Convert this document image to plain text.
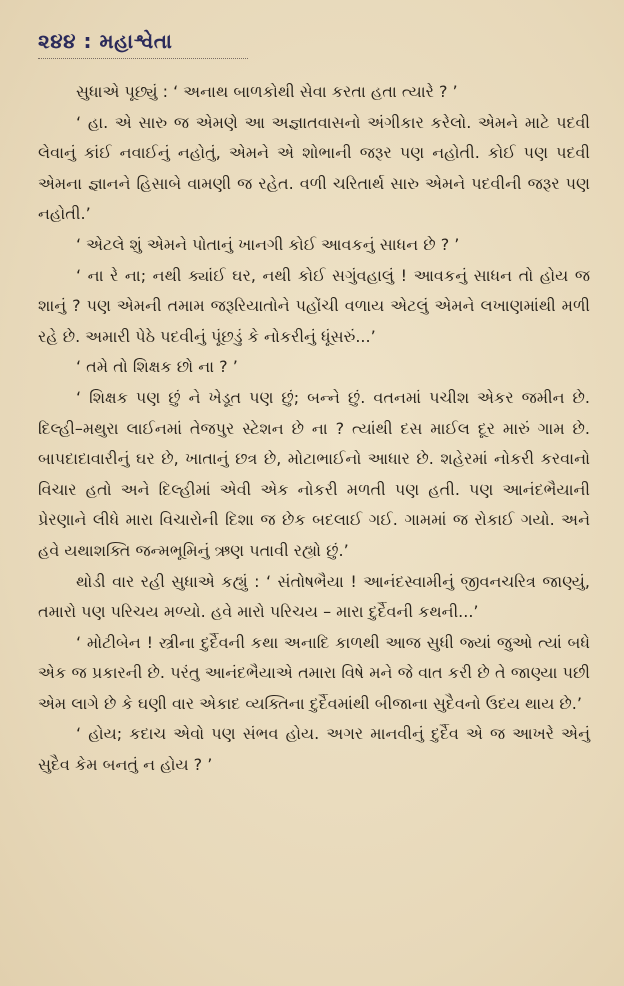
૨૪૪ : મહાશ્વેતા

સુધાએ પૂછ્યું : ‘ અનાથ બાળકોથી સેવા કરતા હતા ત્યારે ? ’

‘ હા. એ સારુ જ એમણે આ અજ્ઞાતવાસનો અંગીકાર કરેલો. એમને માટે પદવી લેવાનું કાંઈ નવાઈનું નહોતું, એમને એ શોભાની જરૂર પણ નહોતી. કોઈ પણ પદવી એમના જ્ઞાનને હિસાબે વામણી જ રહેત. વળી ચરિતાર્થ સારુ એમને પદવીની જરૂર પણ નહોતી.’

‘ એટલે શું એમને પોતાનું ખાનગી કોઈ આવકનું સાધન છે ? ’

‘ ના રે ના; નથી ક્યાંઈ ઘર, નથી કોઈ સગુંવહાલું ! આવકનું સાધન તો હોય જ શાનું ? પણ એમની તમામ જરૂરિયાતોને પહોંચી વળાય એટલું એમને લખાણમાંથી મળી રહે છે. અમારી પેઠે પદવીનું પૂંછડું કે નોકરીનું ધૂંસરું...’

‘ તમે તો શિક્ષક છો ના ? ’

‘ શિક્ષક પણ છું ને ખેડૂત પણ છું; બન્ને છું. વતનમાં પચીશ એકર જમીન છે. દિલ્હી–મથુરા લાઈનમાં તેજપુર સ્ટેશન છે ના ? ત્યાંથી દસ માઈલ દૂર મારું ગામ છે. બાપદાદાવારીનું ઘર છે, ખાતાનું છત્ર છે, મોટાભાઈનો આધાર છે. શહેરમાં નોકરી કરવાનો વિચાર હતો અને દિલ્હીમાં એવી એક નોકરી મળતી પણ હતી. પણ આનંદભૈયાની પ્રેરણાને લીધે મારા વિચારોની દિશા જ છેક બદલાઈ ગઈ. ગામમાં જ રોકાઈ ગયો. અને હવે યથાશક્તિ જન્મભૂમિનું ઋણ પતાવી રહ્યો છું.’

થોડી વાર રહી સુધાએ કહ્યું : ‘ સંતોષભૈયા ! આનંદસ્વામીનું જીવનચરિત્ર જાણ્યું, તમારો પણ પરિચય મળ્યો. હવે મારો પરિચય – મારા દુર્દૈવની કથની...’

‘ મોટીબેન ! સ્ત્રીના દુર્દૈવની કથા અનાદિ કાળથી આજ સુધી જ્યાં જુઓ ત્યાં બધે એક જ પ્રકારની છે. પરંતુ આનંદભૈયાએ તમારા વિષે મને જે વાત કરી છે તે જાણ્યા પછી એમ લાગે છે કે ઘણી વાર એકાદ વ્યક્તિના દુર્દૈવમાંથી બીજાના સુદૈવનો ઉદય થાય છે.’

‘ હોય; કદાચ એવો પણ સંભવ હોય. અગર માનવીનું દુર્દૈવ એ જ આખરે એનું સુદૈવ કેમ બનતું ન હોય ? ’
